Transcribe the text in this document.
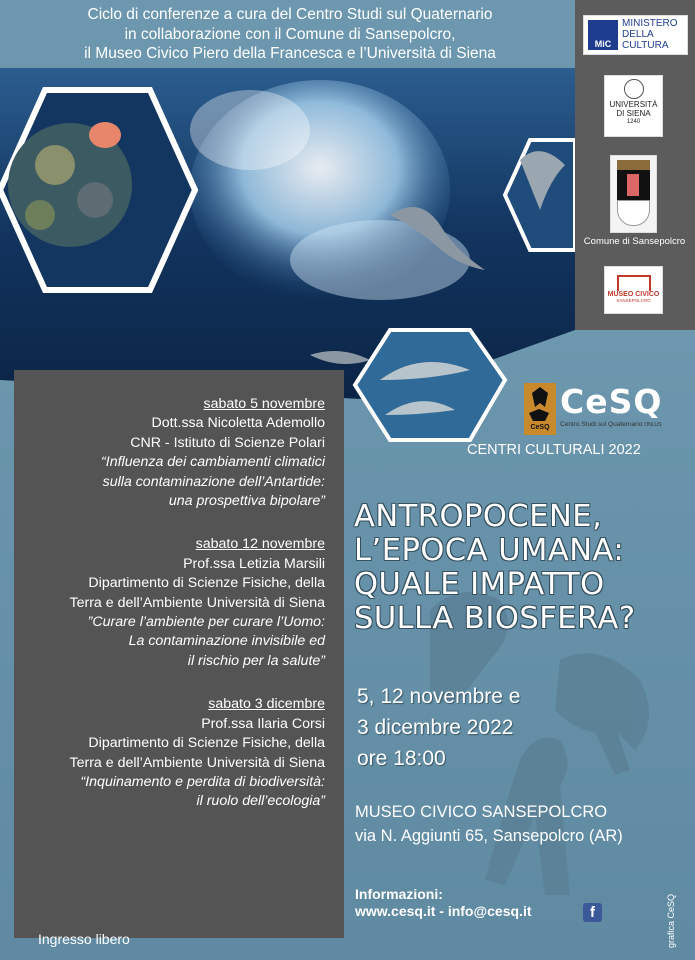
Ciclo di conferenze a cura del Centro Studi sul Quaternario
in collaborazione con il Comune di Sansepolcro,
il Museo Civico Piero della Francesca e l’Università di Siena
MiC
MINISTERO
DELLA
CULTURA
UNIVERSITÀ
DI SIENA
1240
Comune di Sansepolcro
MUSEO CIVICO
SANSEPOLCRO
sabato 5 novembre
Dott.ssa Nicoletta Ademollo
CNR - Istituto di Scienze Polari
“Influenza dei cambiamenti climatici
sulla contaminazione dell’Antartide:
una prospettiva bipolare”
sabato 12 novembre
Prof.ssa Letizia Marsili
Dipartimento di Scienze Fisiche, della
Terra e dell’Ambiente Università di Siena
”Curare l’ambiente per curare l’Uomo:
La contaminazione invisibile ed
il rischio per la salute”
sabato 3 dicembre
Prof.ssa Ilaria Corsi
Dipartimento di Scienze Fisiche, della
Terra e dell’Ambiente Università di Siena
“Inquinamento e perdita di biodiversità:
il ruolo dell’ecologia”
Ingresso libero
CeSQ
CeSQ
Centro Studi sul Quaternario ONLUS
CENTRI CULTURALI 2022
ANTROPOCENE,
L’EPOCA UMANA:
QUALE IMPATTO
SULLA BIOSFERA?
5, 12 novembre e
3 dicembre 2022
ore 18:00
MUSEO CIVICO SANSEPOLCRO
via N. Aggiunti 65, Sansepolcro (AR)
Informazioni:
www.cesq.it - info@cesq.it	f	grafica CeSQ
